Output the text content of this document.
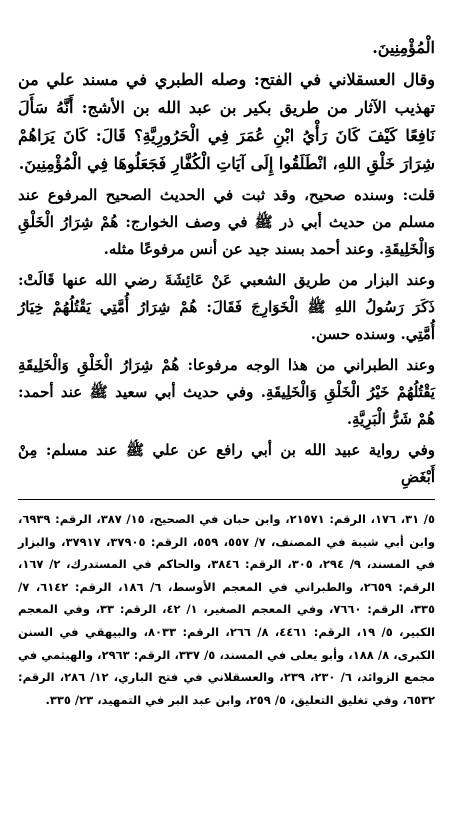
الْمُؤْمِنِينَ.

وقال العسقلاني في الفتح: وصله الطبري في مسند علي من تهذيب الآثار من طريق بكير بن عبد الله بن الأشج: أَنَّهُ سَأَلَ نَافِعًا كَيْفَ كَانَ رَأْيُ ابْنِ عُمَرَ فِي الْحَرُورِيَّةِ؟ قَالَ: كَانَ يَرَاهُمْ شِرَارَ خَلْقِ اللهِ، انْطَلَقُوا إِلَى آيَاتِ الْكُفَّارِ فَجَعَلُوهَا فِي الْمُؤْمِنِينَ.

قلت: وسنده صحيح، وقد ثبت في الحديث الصحيح المرفوع عند مسلم من حديث أبي ذر ﷺ في وصف الخوارج: هُمْ شِرَارُ الْخَلْقِ وَالْخَلِيقَةِ. وعند أحمد بسند جيد عن أنس مرفوعًا مثله.

وعند البزار من طريق الشعبي عَنْ عَائِشَةَ رضي الله عنها قَالَتْ: ذَكَرَ رَسُولُ اللهِ ﷺ الْخَوَارِجَ فَقَالَ: هُمْ شِرَارُ أُمَّتِي يَقْتُلُهُمْ خِيَارُ أُمَّتِي. وسنده حسن.

وعند الطبراني من هذا الوجه مرفوعا: هُمْ شِرَارُ الْخَلْقِ وَالْخَلِيقَةِ يَقْتُلُهُمْ خَيْرُ الْخَلْقِ وَالْخَلِيقَةِ. وفي حديث أبي سعيد ﷺ عند أحمد: هُمْ شَرُّ الْبَرِيَّةِ.

وفي رواية عبيد الله بن أبي رافع عن علي ﷺ عند مسلم: مِنْ أَبْغَضِ

٥/ ٣١، ١٧٦، الرقم: ٢١٥٧١، وابن حبان في الصحيح، ١٥/ ٣٨٧، الرقم: ٦٩٣٩، وابن أبي شيبة في المصنف، ٧/ ٥٥٧، ٥٥٩، الرقم: ٣٧٩٠٥، ٣٧٩١٧، والبزار في المسند، ٩/ ٢٩٤، ٣٠٥، الرقم: ٣٨٤٦، والحاكم في المستدرك، ٢/ ١٦٧، الرقم: ٢٦٥٩، والطبراني في المعجم الأوسط، ٦/ ١٨٦، الرقم: ٦١٤٢، ٧/ ٣٣٥، الرقم: ٧٦٦٠، وفي المعجم الصغير، ١/ ٤٢، الرقم: ٣٣، وفي المعجم الكبير، ٥/ ١٩، الرقم: ٤٤٦١، ٨/ ٢٦٦، الرقم: ٨٠٣٣، والبيهقي في السنن الكبرى، ٨/ ١٨٨، وأبو يعلى في المسند، ٥/ ٣٣٧، الرقم: ٢٩٦٣، والهيثمي في مجمع الزوائد، ٦/ ٢٣٠، ٢٣٩، والعسقلاني في فتح الباري، ١٢/ ٢٨٦، الرقم: ٦٥٣٢، وفي تغليق التعليق، ٥/ ٢٥٩، وابن عبد البر في التمهيد، ٢٣/ ٣٣٥.
